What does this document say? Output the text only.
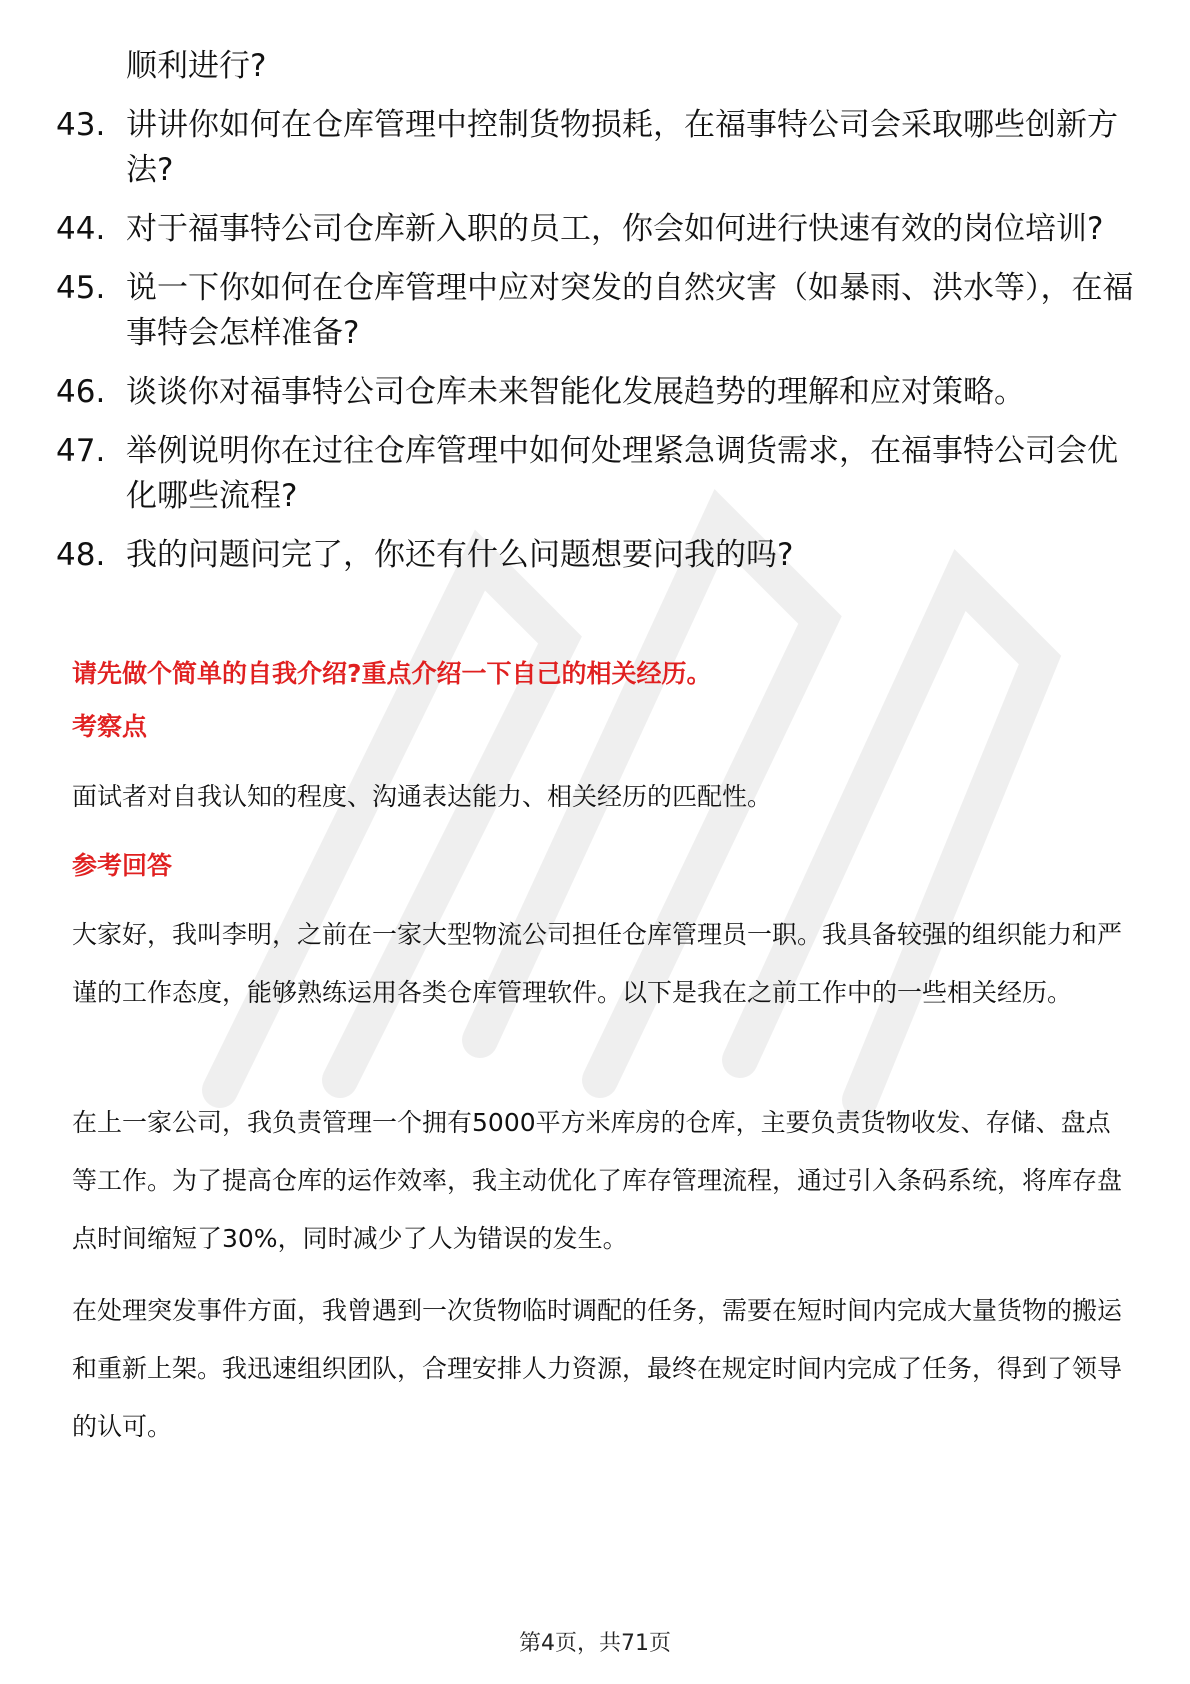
顺利进行?
43. 讲讲你如何在仓库管理中控制货物损耗，在福事特公司会采取哪些创新方法?
44. 对于福事特公司仓库新入职的员工，你会如何进行快速有效的岗位培训?
45. 说一下你如何在仓库管理中应对突发的自然灾害（如暴雨、洪水等），在福事特会怎样准备?
46. 谈谈你对福事特公司仓库未来智能化发展趋势的理解和应对策略。
47. 举例说明你在过往仓库管理中如何处理紧急调货需求，在福事特公司会优化哪些流程?
48. 我的问题问完了，你还有什么问题想要问我的吗?
请先做个简单的自我介绍?重点介绍一下自己的相关经历。
考察点
面试者对自我认知的程度、沟通表达能力、相关经历的匹配性。
参考回答
大家好，我叫李明，之前在一家大型物流公司担任仓库管理员一职。我具备较强的组织能力和严谨的工作态度，能够熟练运用各类仓库管理软件。以下是我在之前工作中的一些相关经历。
在上一家公司，我负责管理一个拥有5000平方米库房的仓库，主要负责货物收发、存储、盘点等工作。为了提高仓库的运作效率，我主动优化了库存管理流程，通过引入条码系统，将库存盘点时间缩短了30%，同时减少了人为错误的发生。
在处理突发事件方面，我曾遇到一次货物临时调配的任务，需要在短时间内完成大量货物的搬运和重新上架。我迅速组织团队，合理安排人力资源，最终在规定时间内完成了任务，得到了领导的认可。
第4页，共71页
